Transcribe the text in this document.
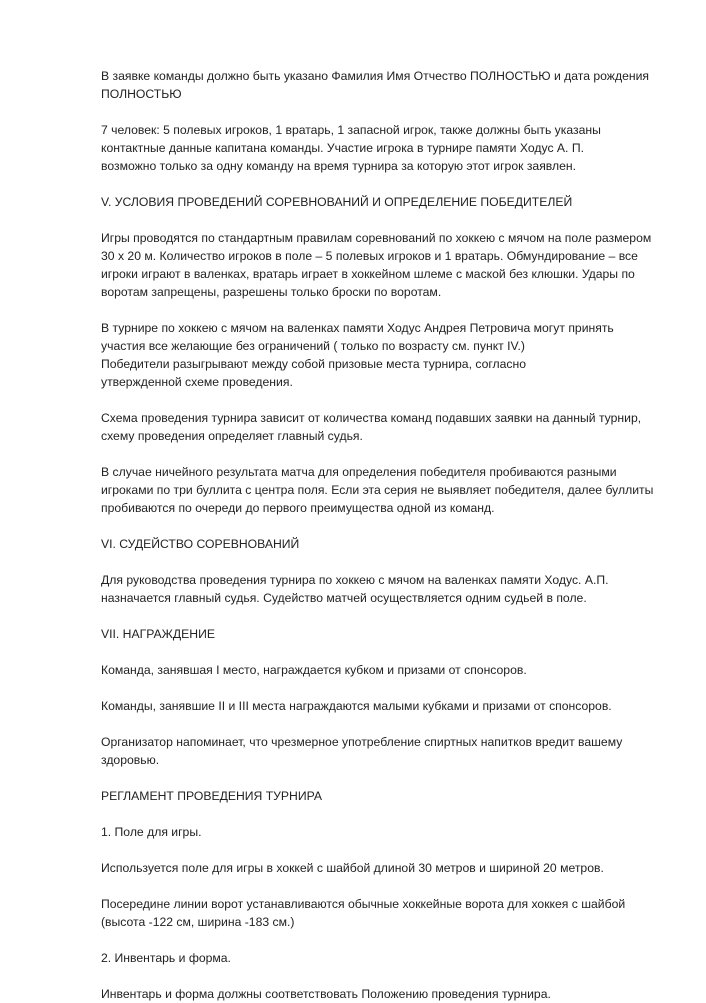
В заявке команды должно быть указано Фамилия Имя Отчество ПОЛНОСТЬЮ и дата рождения
ПОЛНОСТЬЮ

7 человек: 5 полевых игроков, 1 вратарь, 1 запасной игрок, также должны быть указаны
контактные данные капитана команды. Участие игрока в турнире памяти Ходус А. П.
возможно только за одну команду на время турнира за которую этот игрок заявлен.

V. УСЛОВИЯ ПРОВЕДЕНИЙ СОРЕВНОВАНИЙ И ОПРЕДЕЛЕНИЕ ПОБЕДИТЕЛЕЙ

Игры проводятся по стандартным правилам соревнований по хоккею с мячом на поле размером
30 х 20 м. Количество игроков в поле – 5 полевых игроков и 1 вратарь. Обмундирование – все
игроки играют в валенках, вратарь играет в хоккейном шлеме с маской без клюшки. Удары по
воротам запрещены, разрешены только броски по воротам.

В турнире по хоккею с мячом на валенках памяти Ходус Андрея Петровича могут принять
участия все желающие без ограничений ( только по возрасту см. пункт IV.)
Победители разыгрывают между собой призовые места турнира, согласно
утвержденной схеме проведения.

Схема проведения турнира зависит от количества команд подавших заявки на данный турнир,
схему проведения определяет главный судья.

В случае ничейного результата матча для определения победителя пробиваются разными
игроками по три буллита с центра поля. Если эта серия не выявляет победителя, далее буллиты
пробиваются по очереди до первого преимущества одной из команд.

VI. СУДЕЙСТВО СОРЕВНОВАНИЙ

Для руководства проведения турнира по хоккею с мячом на валенках памяти Ходус. А.П.
назначается главный судья. Судейство матчей осуществляется одним судьей в поле.

VII. НАГРАЖДЕНИЕ

Команда, занявшая I место, награждается кубком и призами от спонсоров.

Команды, занявшие II и III места награждаются малыми кубками и призами от спонсоров.

Организатор напоминает, что чрезмерное употребление спиртных напитков вредит вашему
здоровью.

РЕГЛАМЕНТ ПРОВЕДЕНИЯ ТУРНИРА

1. Поле для игры.

Используется поле для игры в хоккей с шайбой длиной 30 метров и шириной 20 метров.

Посередине линии ворот устанавливаются обычные хоккейные ворота для хоккея с шайбой
(высота -122 см, ширина -183 см.)

2. Инвентарь и форма.

Инвентарь и форма должны соответствовать Положению проведения турнира.
